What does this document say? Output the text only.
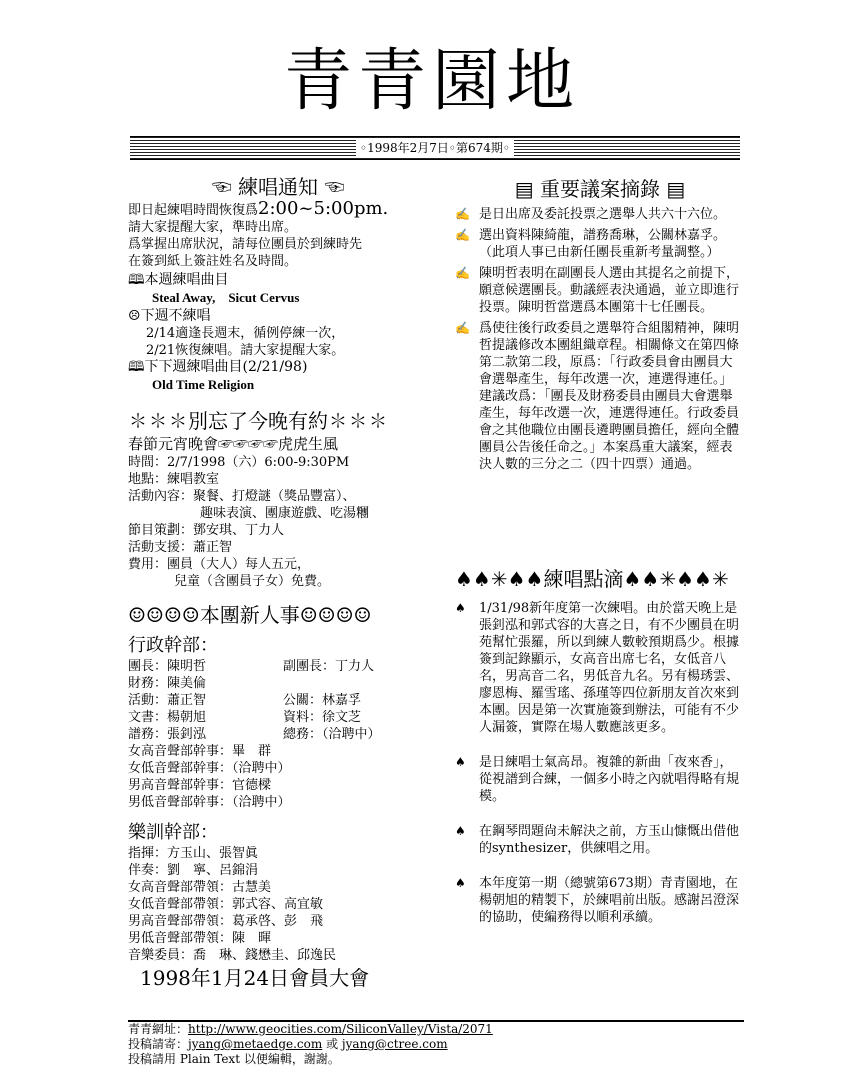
青青園地
◦1998年2月7日◦第674期◦
☜ 練唱通知 ☜
即日起練唱時間恢復爲2:00~5:00pm.
請大家提醒大家，準時出席。
爲掌握出席狀況，請每位團員於到練時先
在簽到紙上簽註姓名及時間。
🕮本週練唱曲目
Steal Away,    Sicut Cervus
☹下週不練唱
2/14適逢長週末，循例停練一次，
2/21恢復練唱。請大家提醒大家。
🕮下下週練唱曲目(2/21/98)
Old Time Religion
✽✽✽別忘了今晚有約✽✽✽
春節元宵晚會☞☞☞☞虎虎生風
時間：2/7/1998（六）6:00-9:30PM
地點：練唱教室
活動內容：聚餐、打燈謎（獎品豐富）、
趣味表演、團康遊戲、吃湯糰
節目策劃：鄧安琪、丁力人
活動支援：蕭正智
費用：團員（大人）每人五元，
兒童（含團員子女）免費。
☺☺☺☺本團新人事☺☺☺☺
行政幹部：
團長：陳明哲	副團長：丁力人
財務：陳美倫
活動：蕭正智	公關：林嘉孚
文書：楊朝旭	資料：徐文芝
譜務：張釗泓	總務：（洽聘中）
女高音聲部幹事：畢　群
女低音聲部幹事：（洽聘中）
男高音聲部幹事：官德樑
男低音聲部幹事：（洽聘中）
樂訓幹部：
指揮：方玉山、張智眞
伴奏：劉　寧、呂錦涓
女高音聲部帶領：古慧美
女低音聲部帶領：郭式容、高宜敏
男高音聲部帶領：葛承啓、彭　飛
男低音聲部帶領：陳　暉
音樂委員：喬　琳、錢懋圭、邱逸民
1998年1月24日會員大會
▤ 重要議案摘錄 ▤
✍ 是日出席及委託投票之選舉人共六十六位。
✍ 選出資料陳綺龍，譜務喬琳，公關林嘉孚。（此項人事已由新任團長重新考量調整。）
✍ 陳明哲表明在副團長人選由其提名之前提下，願意候選團長。動議經表決通過，並立即進行投票。陳明哲當選爲本團第十七任團長。
✍ 爲使往後行政委員之選舉符合組閣精神，陳明哲提議修改本團組織章程。相關條文在第四條第二款第二段，原爲：「行政委員會由團員大會選舉產生，每年改選一次，連選得連任。」建議改爲：「團長及財務委員由團員大會選舉產生，每年改選一次，連選得連任。行政委員會之其他職位由團長遴聘團員擔任，經向全體團員公告後任命之。」本案爲重大議案，經表決人數的三分之二（四十四票）通過。
♠♠✳♠♠練唱點滴♠♠✳♠♠✳
♠	1/31/98新年度第一次練唱。由於當天晚上是張釗泓和郭式容的大喜之日，有不少團員在明苑幫忙張羅，所以到練人數較預期爲少。根據簽到記錄顯示，女高音出席七名，女低音八名，男高音二名，男低音九名。另有楊琇雲、廖恩梅、羅雪瑤、孫瑾等四位新朋友首次來到本團。因是第一次實施簽到辦法，可能有不少人漏簽，實際在場人數應該更多。
♠	是日練唱士氣高昂。複雜的新曲「夜來香」，從視譜到合練，一個多小時之內就唱得略有規模。
♠	在鋼琴問題尙未解決之前，方玉山慷慨出借他的synthesizer，供練唱之用。
♠	本年度第一期（總號第673期）青青園地，在楊朝旭的精製下，於練唱前出版。感謝呂澄深的協助，使編務得以順利承續。
青青網址：http://www.geocities.com/SiliconValley/Vista/2071
投稿請寄：jyang@metaedge.com 或 jyang@ctree.com
投稿請用 Plain Text 以便編輯，謝謝。
